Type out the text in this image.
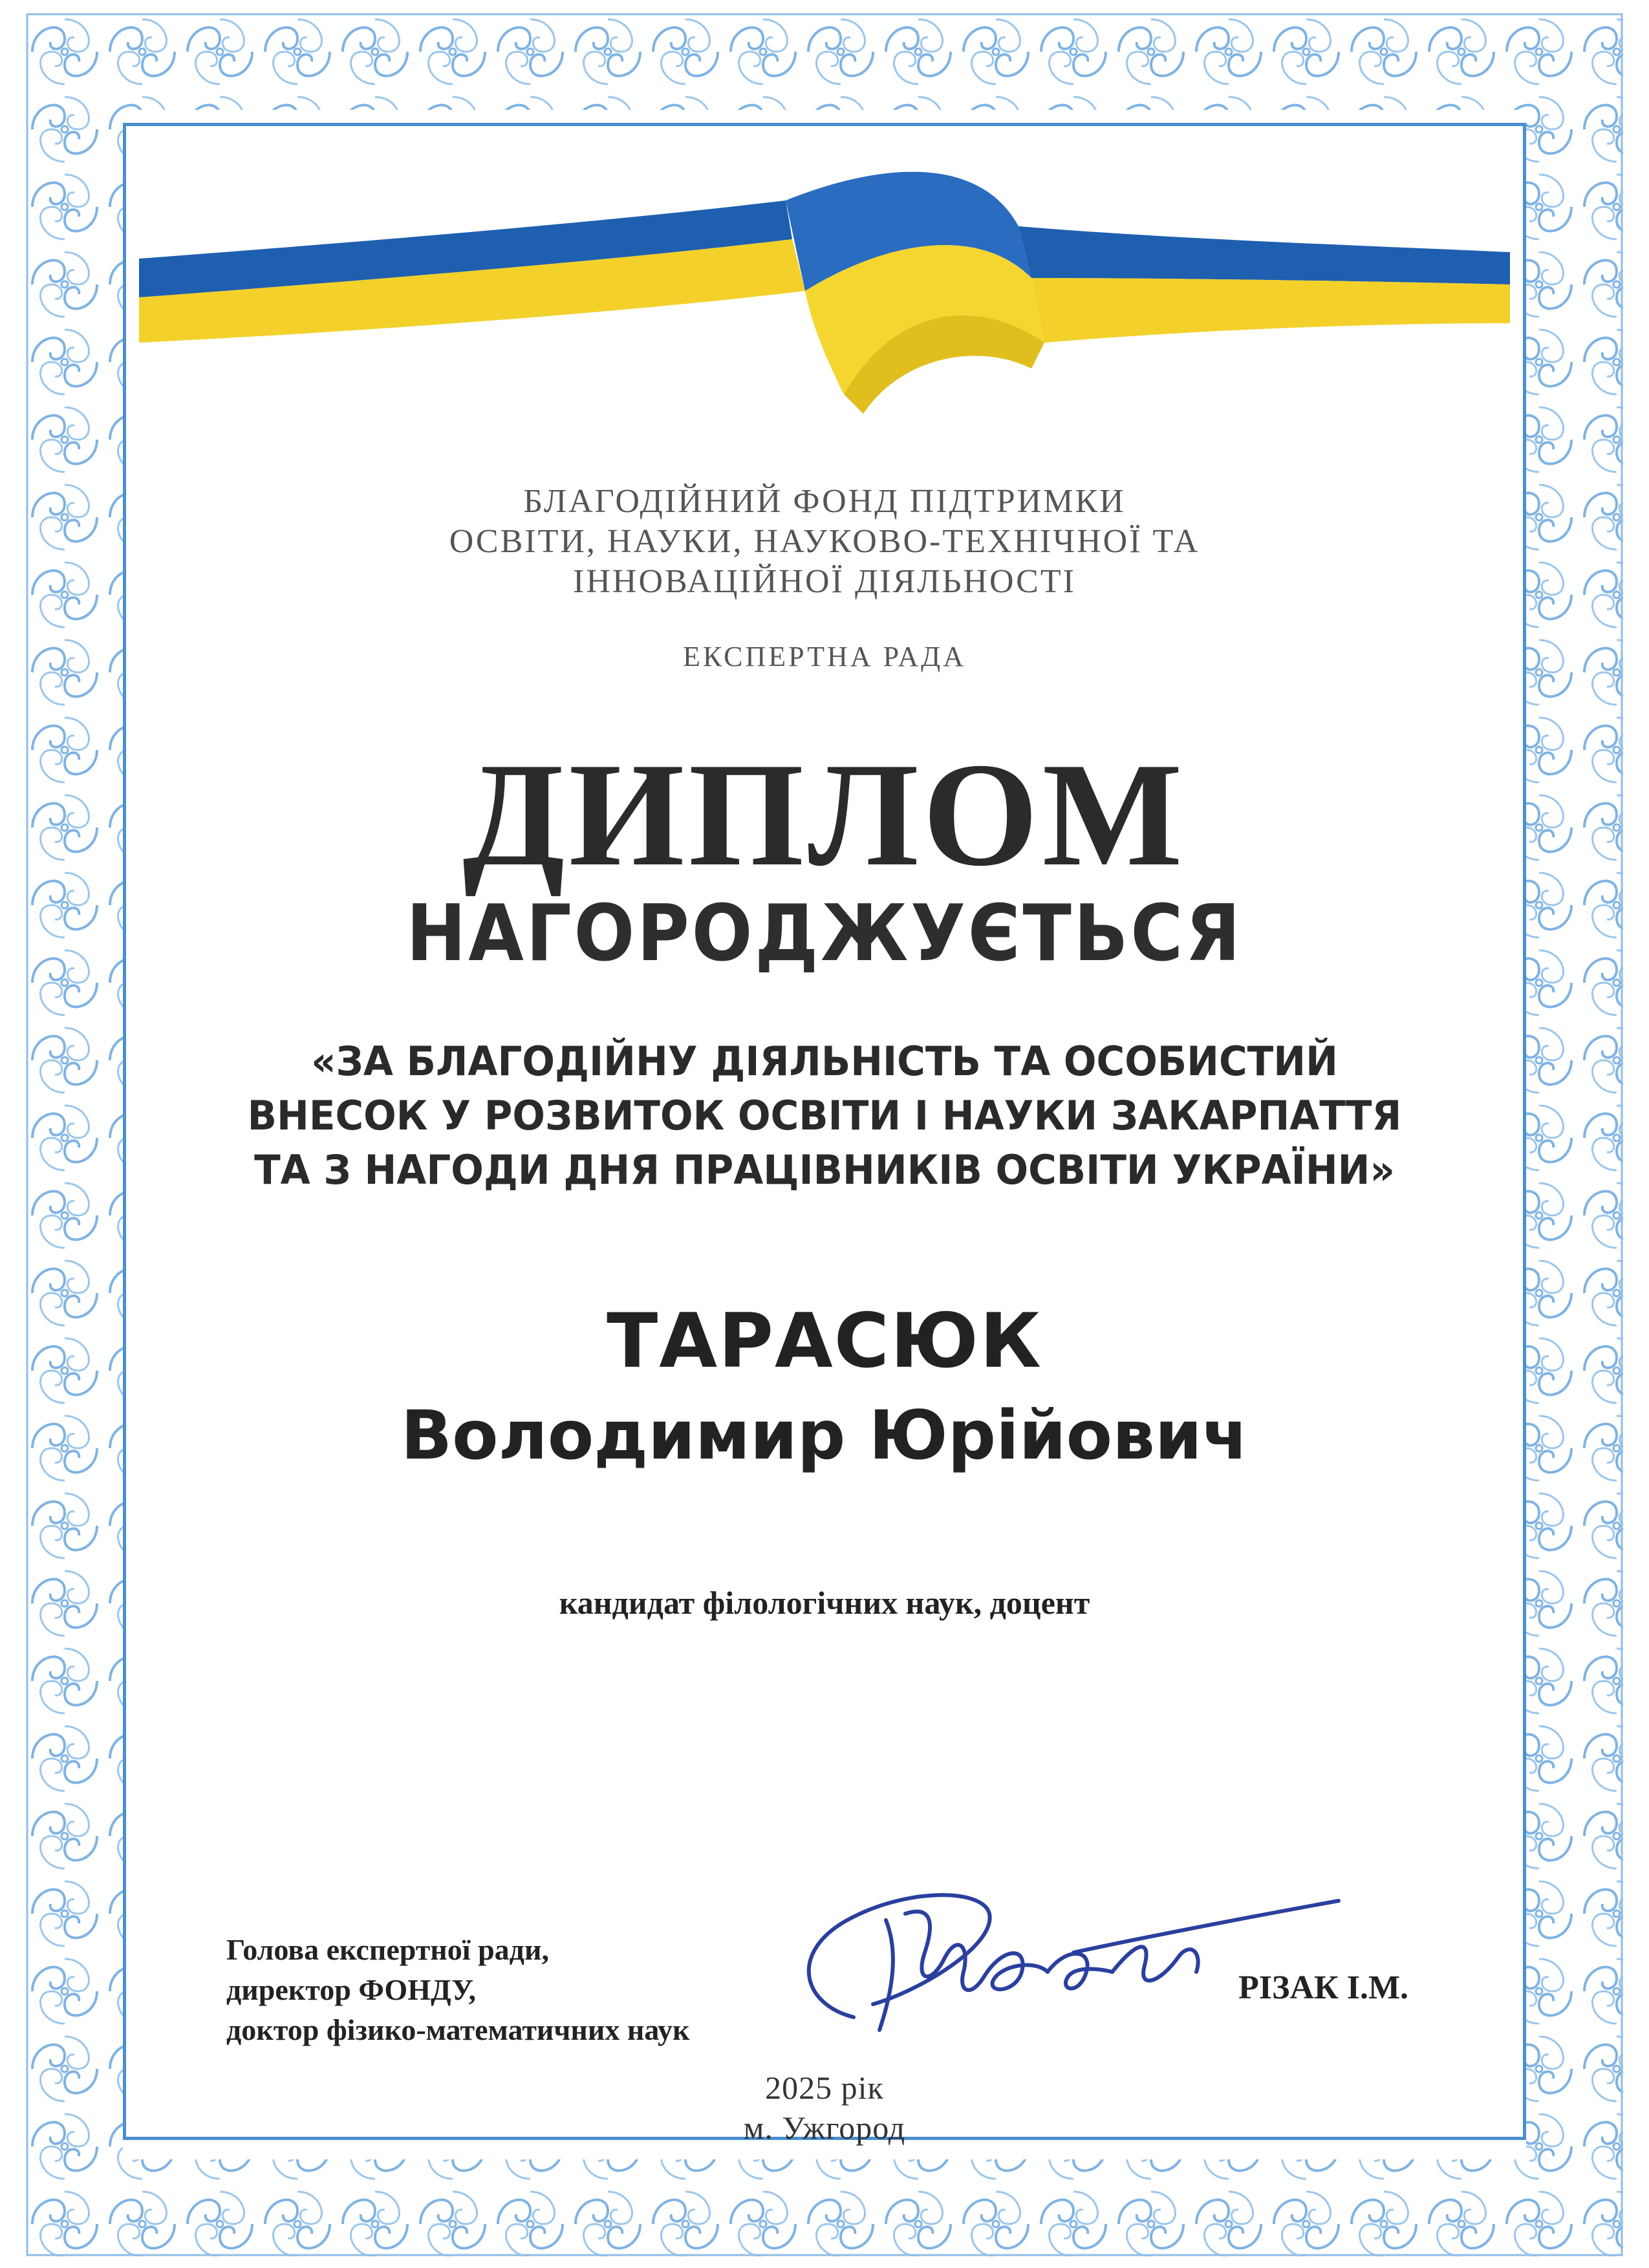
БЛАГОДІЙНИЙ ФОНД ПІДТРИМКИ
ОСВІТИ, НАУКИ, НАУКОВО-ТЕХНІЧНОЇ ТА
ІННОВАЦІЙНОЇ ДІЯЛЬНОСТІ
ЕКСПЕРТНА РАДА
ДИПЛОМ
НАГОРОДЖУЄТЬСЯ
«ЗА БЛАГОДІЙНУ ДІЯЛЬНІСТЬ ТА ОСОБИСТИЙ
ВНЕСОК У РОЗВИТОК ОСВІТИ І НАУКИ ЗАКАРПАТТЯ
ТА З НАГОДИ ДНЯ ПРАЦІВНИКІВ ОСВІТИ УКРАЇНИ»
ТАРАСЮК
Володимир Юрійович
кандидат філологічних наук, доцент
Голова експертної ради,
директор ФОНДУ,
доктор фізико-математичних наук
РІЗАК І.М.
2025 рік
м. Ужгород
